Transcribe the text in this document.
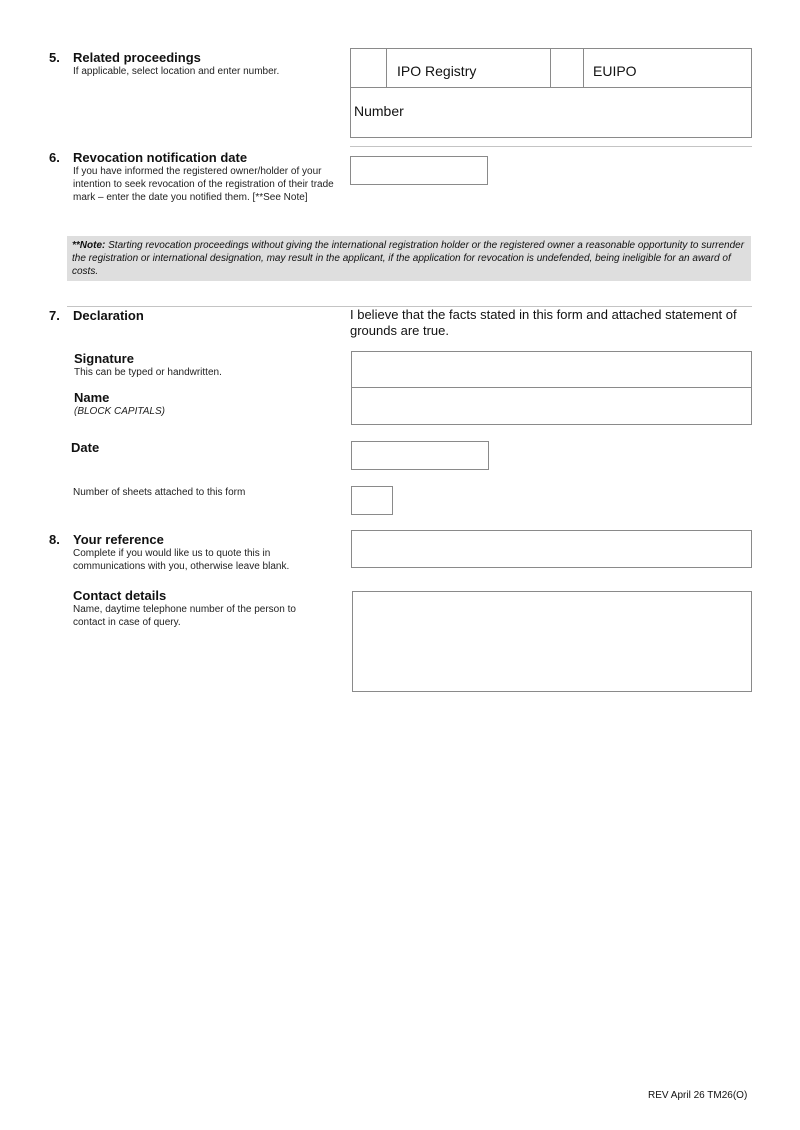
5. Related proceedings
If applicable, select location and enter number.	IPO Registry	EUIPO
Number
6. Revocation notification date
If you have informed the registered owner/holder of your intention to seek revocation of the registration of their trade mark – enter the date you notified them. [**See Note]
**Note: Starting revocation proceedings without giving the international registration holder or the registered owner a reasonable opportunity to surrender the registration or international designation, may result in the applicant, if the application for revocation is undefended, being ineligible for an award of costs.
7. Declaration	I believe that the facts stated in this form and attached statement of grounds are true.
Signature
This can be typed or handwritten.
Name
(BLOCK CAPITALS)
Date
Number of sheets attached to this form
8. Your reference
Complete if you would like us to quote this in communications with you, otherwise leave blank.
Contact details
Name, daytime telephone number of the person to contact in case of query.
REV April 26 TM26(O)
